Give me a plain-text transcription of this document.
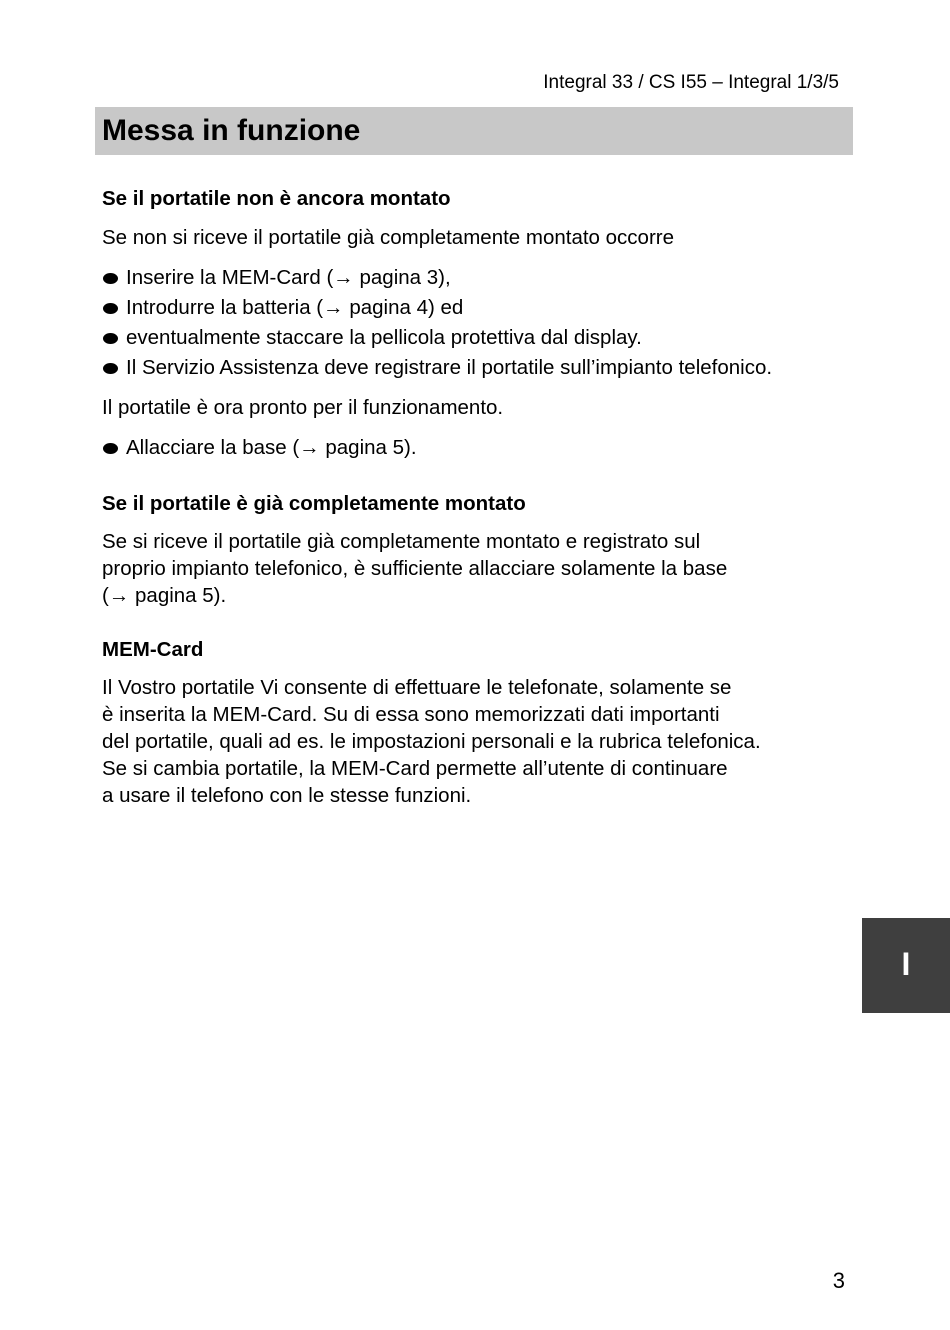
Integral 33 / CS I55 – Integral 1/3/5
Messa in funzione
Se il portatile non è ancora montato

Se non si riceve il portatile già completamente montato occorre

Inserire la MEM-Card (→ pagina 3),
Introdurre la batteria (→ pagina 4) ed
eventualmente staccare la pellicola protettiva dal display.
Il Servizio Assistenza deve registrare il portatile sull’impianto telefonico.

Il portatile è ora pronto per il funzionamento.

Allacciare la base (→ pagina 5).
Se il portatile è già completamente montato

Se si riceve il portatile già completamente montato e registrato sul

proprio impianto telefonico, è sufficiente allacciare solamente la base

(→ pagina 5).

MEM-Card

Il Vostro portatile Vi consente di effettuare le telefonate, solamente se

è inserita la MEM-Card. Su di essa sono memorizzati dati importanti

del portatile, quali ad es. le impostazioni personali e la rubrica telefonica.

Se si cambia portatile, la MEM-Card permette all’utente di continuare

a usare il telefono con le stesse funzioni.

I
3
